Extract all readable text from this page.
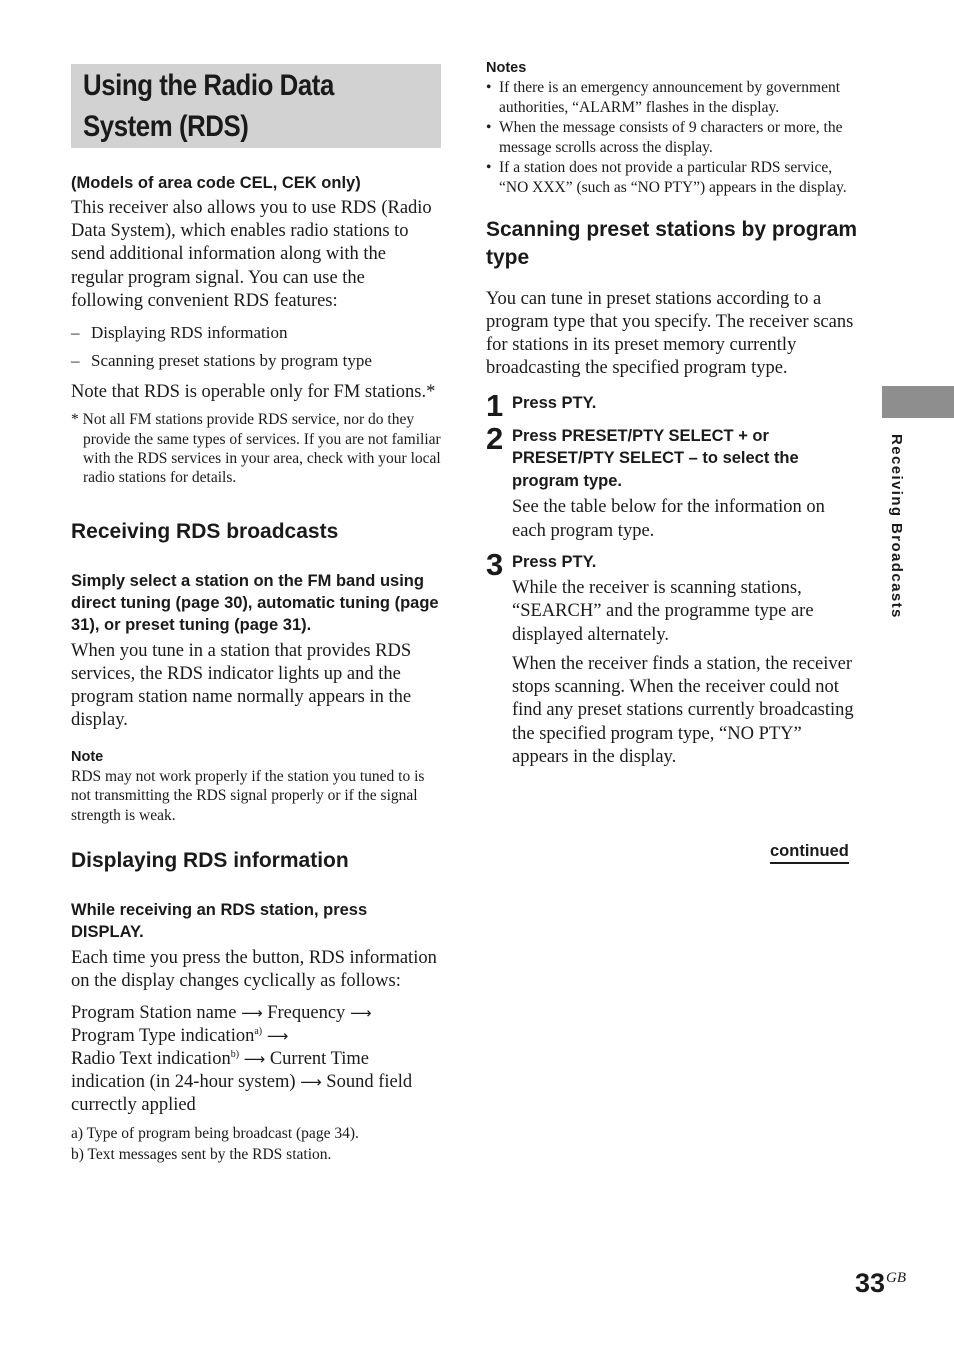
Using the Radio Data
System (RDS)
(Models of area code CEL, CEK only)

This receiver also allows you to use RDS (Radio Data System), which enables radio stations to send additional information along with the regular program signal. You can use the following convenient RDS features:

– Displaying RDS information
– Scanning preset stations by program type

Note that RDS is operable only for FM stations.*

* Not all FM stations provide RDS service, nor do they provide the same types of services. If you are not familiar with the RDS services in your area, check with your local radio stations for details.

Receiving RDS broadcasts
Simply select a station on the FM band using direct tuning (page 30), automatic tuning (page 31), or preset tuning (page 31).

When you tune in a station that provides RDS services, the RDS indicator lights up and the program station name normally appears in the display.

Note

RDS may not work properly if the station you tuned to is not transmitting the RDS signal properly or if the signal strength is weak.

Displaying RDS information
While receiving an RDS station, press DISPLAY.

Each time you press the button, RDS information on the display changes cyclically as follows:

Program Station name ⟶ Frequency ⟶
Program Type indication$^{a)}$ ⟶
Radio Text indication$^{b)}$ ⟶ Current Time
indication (in 24-hour system) ⟶ Sound field
currectly applied

a) Type of program being broadcast (page 34).

b) Text messages sent by the RDS station.

Notes
• If there is an emergency announcement by government authorities, “ALARM” flashes in the display.
• When the message consists of 9 characters or more, the message scrolls across the display.
• If a station does not provide a particular RDS service, “NO XXX” (such as “NO PTY”) appears in the display.
Scanning preset stations by program type

You can tune in preset stations according to a program type that you specify. The receiver scans for stations in its preset memory currently broadcasting the specified program type.

1 Press PTY.
2 Press PRESET/PTY SELECT + or PRESET/PTY SELECT – to select the program type.

See the table below for the information on each program type.

3 Press PTY.

While the receiver is scanning stations, “SEARCH” and the programme type are displayed alternately.

When the receiver finds a station, the receiver stops scanning. When the receiver could not find any preset stations currently broadcasting the specified program type, “NO PTY” appears in the display.

continued
Receiving Broadcasts
$33^{GB}$
